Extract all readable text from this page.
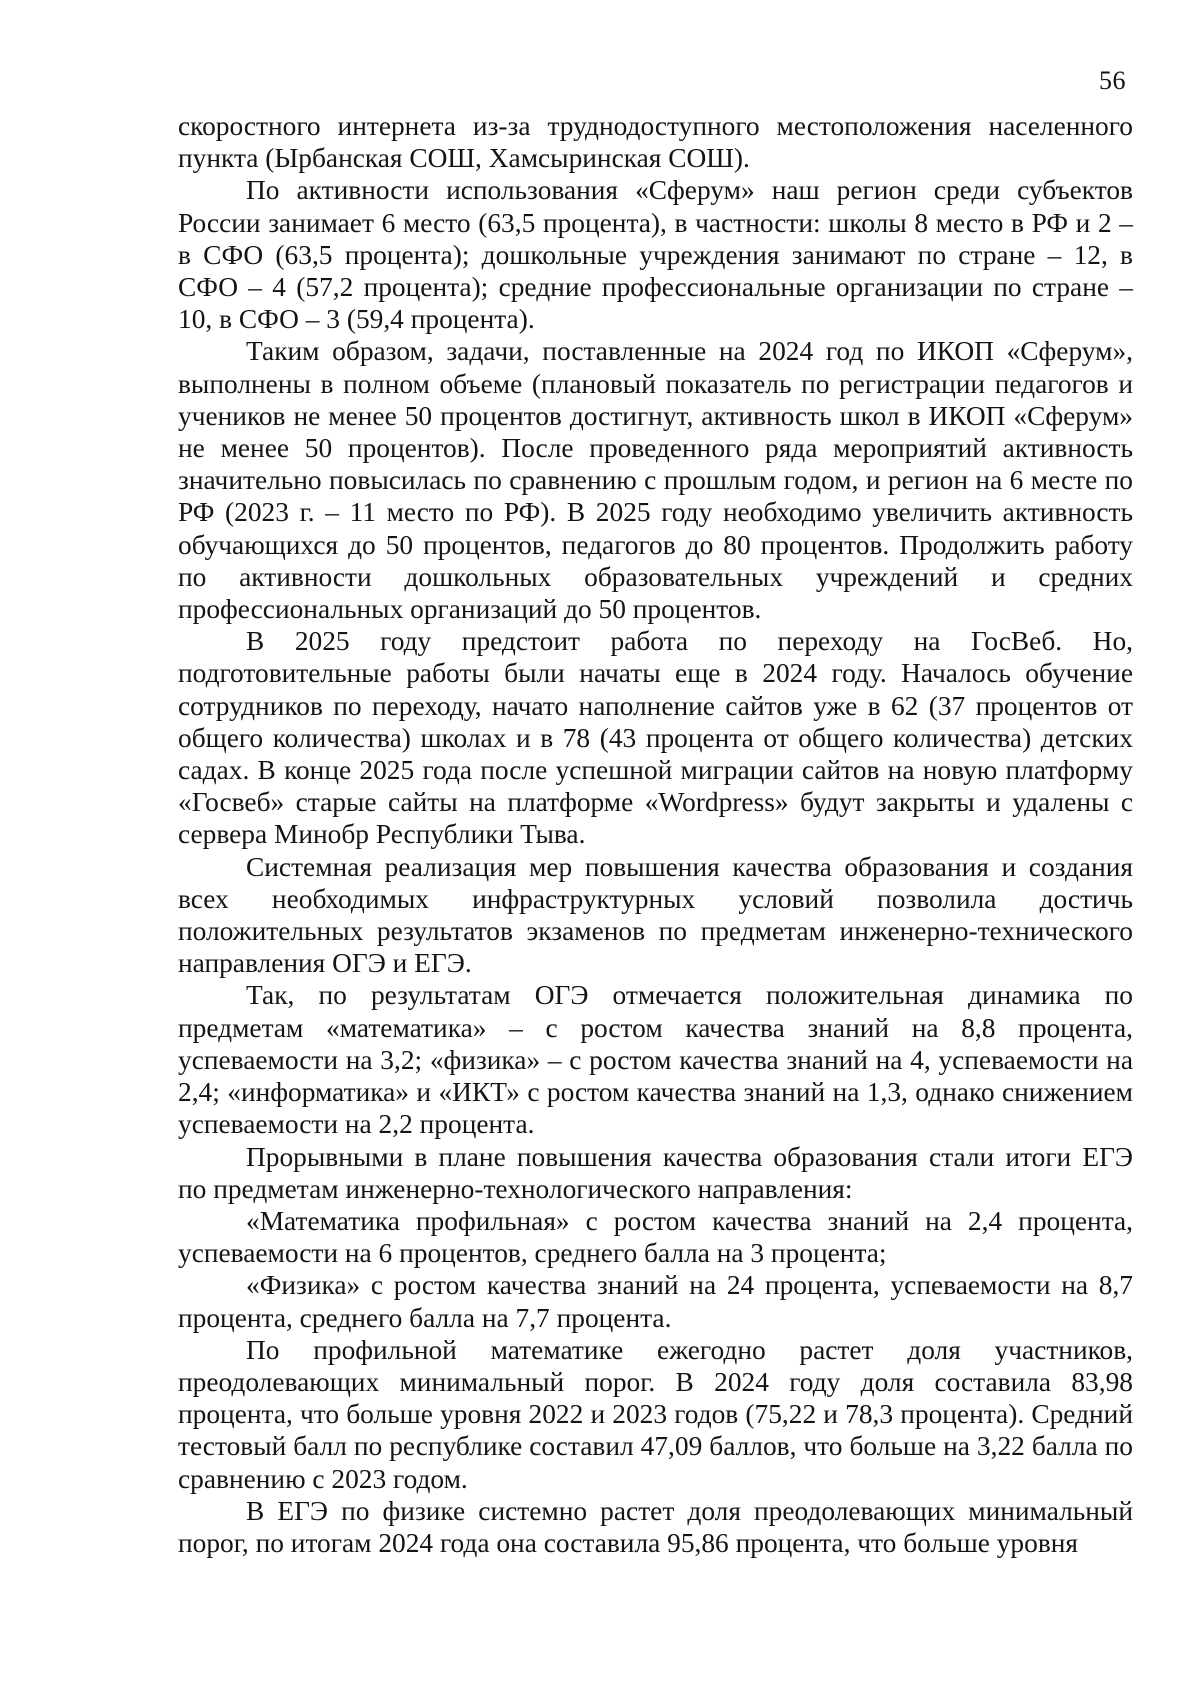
56

скоростного интернета из-за труднодоступного местоположения населенного пункта (Ырбанская СОШ, Хамсыринская СОШ).

По активности использования «Сферум» наш регион среди субъектов России занимает 6 место (63,5 процента), в частности: школы 8 место в РФ и 2 – в СФО (63,5 процента); дошкольные учреждения занимают по стране – 12, в СФО – 4 (57,2 процента); средние профессиональные организации по стране – 10, в СФО – 3 (59,4 процента).

Таким образом, задачи, поставленные на 2024 год по ИКОП «Сферум», выполнены в полном объеме (плановый показатель по регистрации педагогов и учеников не менее 50 процентов достигнут, активность школ в ИКОП «Сферум» не менее 50 процентов). После проведенного ряда мероприятий активность значительно повысилась по сравнению с прошлым годом, и регион на 6 месте по РФ (2023 г. – 11 место по РФ). В 2025 году необходимо увеличить активность обучающихся до 50 процентов, педагогов до 80 процентов. Продолжить работу по активности дошкольных образовательных учреждений и средних профессиональных организаций до 50 процентов.

В 2025 году предстоит работа по переходу на ГосВеб. Но, подготовительные работы были начаты еще в 2024 году. Началось обучение сотрудников по переходу, начато наполнение сайтов уже в 62 (37 процентов от общего количества) школах и в 78 (43 процента от общего количества) детских садах. В конце 2025 года после успешной миграции сайтов на новую платформу «Госвеб» старые сайты на платформе «Wordpress» будут закрыты и удалены с сервера Минобр Республики Тыва.

Системная реализация мер повышения качества образования и создания всех необходимых инфраструктурных условий позволила достичь положительных результатов экзаменов по предметам инженерно-технического направления ОГЭ и ЕГЭ.

Так, по результатам ОГЭ отмечается положительная динамика по предметам «математика» – с ростом качества знаний на 8,8 процента, успеваемости на 3,2; «физика» – с ростом качества знаний на 4, успеваемости на 2,4; «информатика» и «ИКТ» с ростом качества знаний на 1,3, однако снижением успеваемости на 2,2 процента.

Прорывными в плане повышения качества образования стали итоги ЕГЭ по предметам инженерно-технологического направления:

«Математика профильная» с ростом качества знаний на 2,4 процента, успеваемости на 6 процентов, среднего балла на 3 процента;

«Физика» с ростом качества знаний на 24 процента, успеваемости на 8,7 процента, среднего балла на 7,7 процента.

По профильной математике ежегодно растет доля участников, преодолевающих минимальный порог. В 2024 году доля составила 83,98 процента, что больше уровня 2022 и 2023 годов (75,22 и 78,3 процента). Средний тестовый балл по республике составил 47,09 баллов, что больше на 3,22 балла по сравнению с 2023 годом.

В ЕГЭ по физике системно растет доля преодолевающих минимальный порог, по итогам 2024 года она составила 95,86 процента, что больше уровня
